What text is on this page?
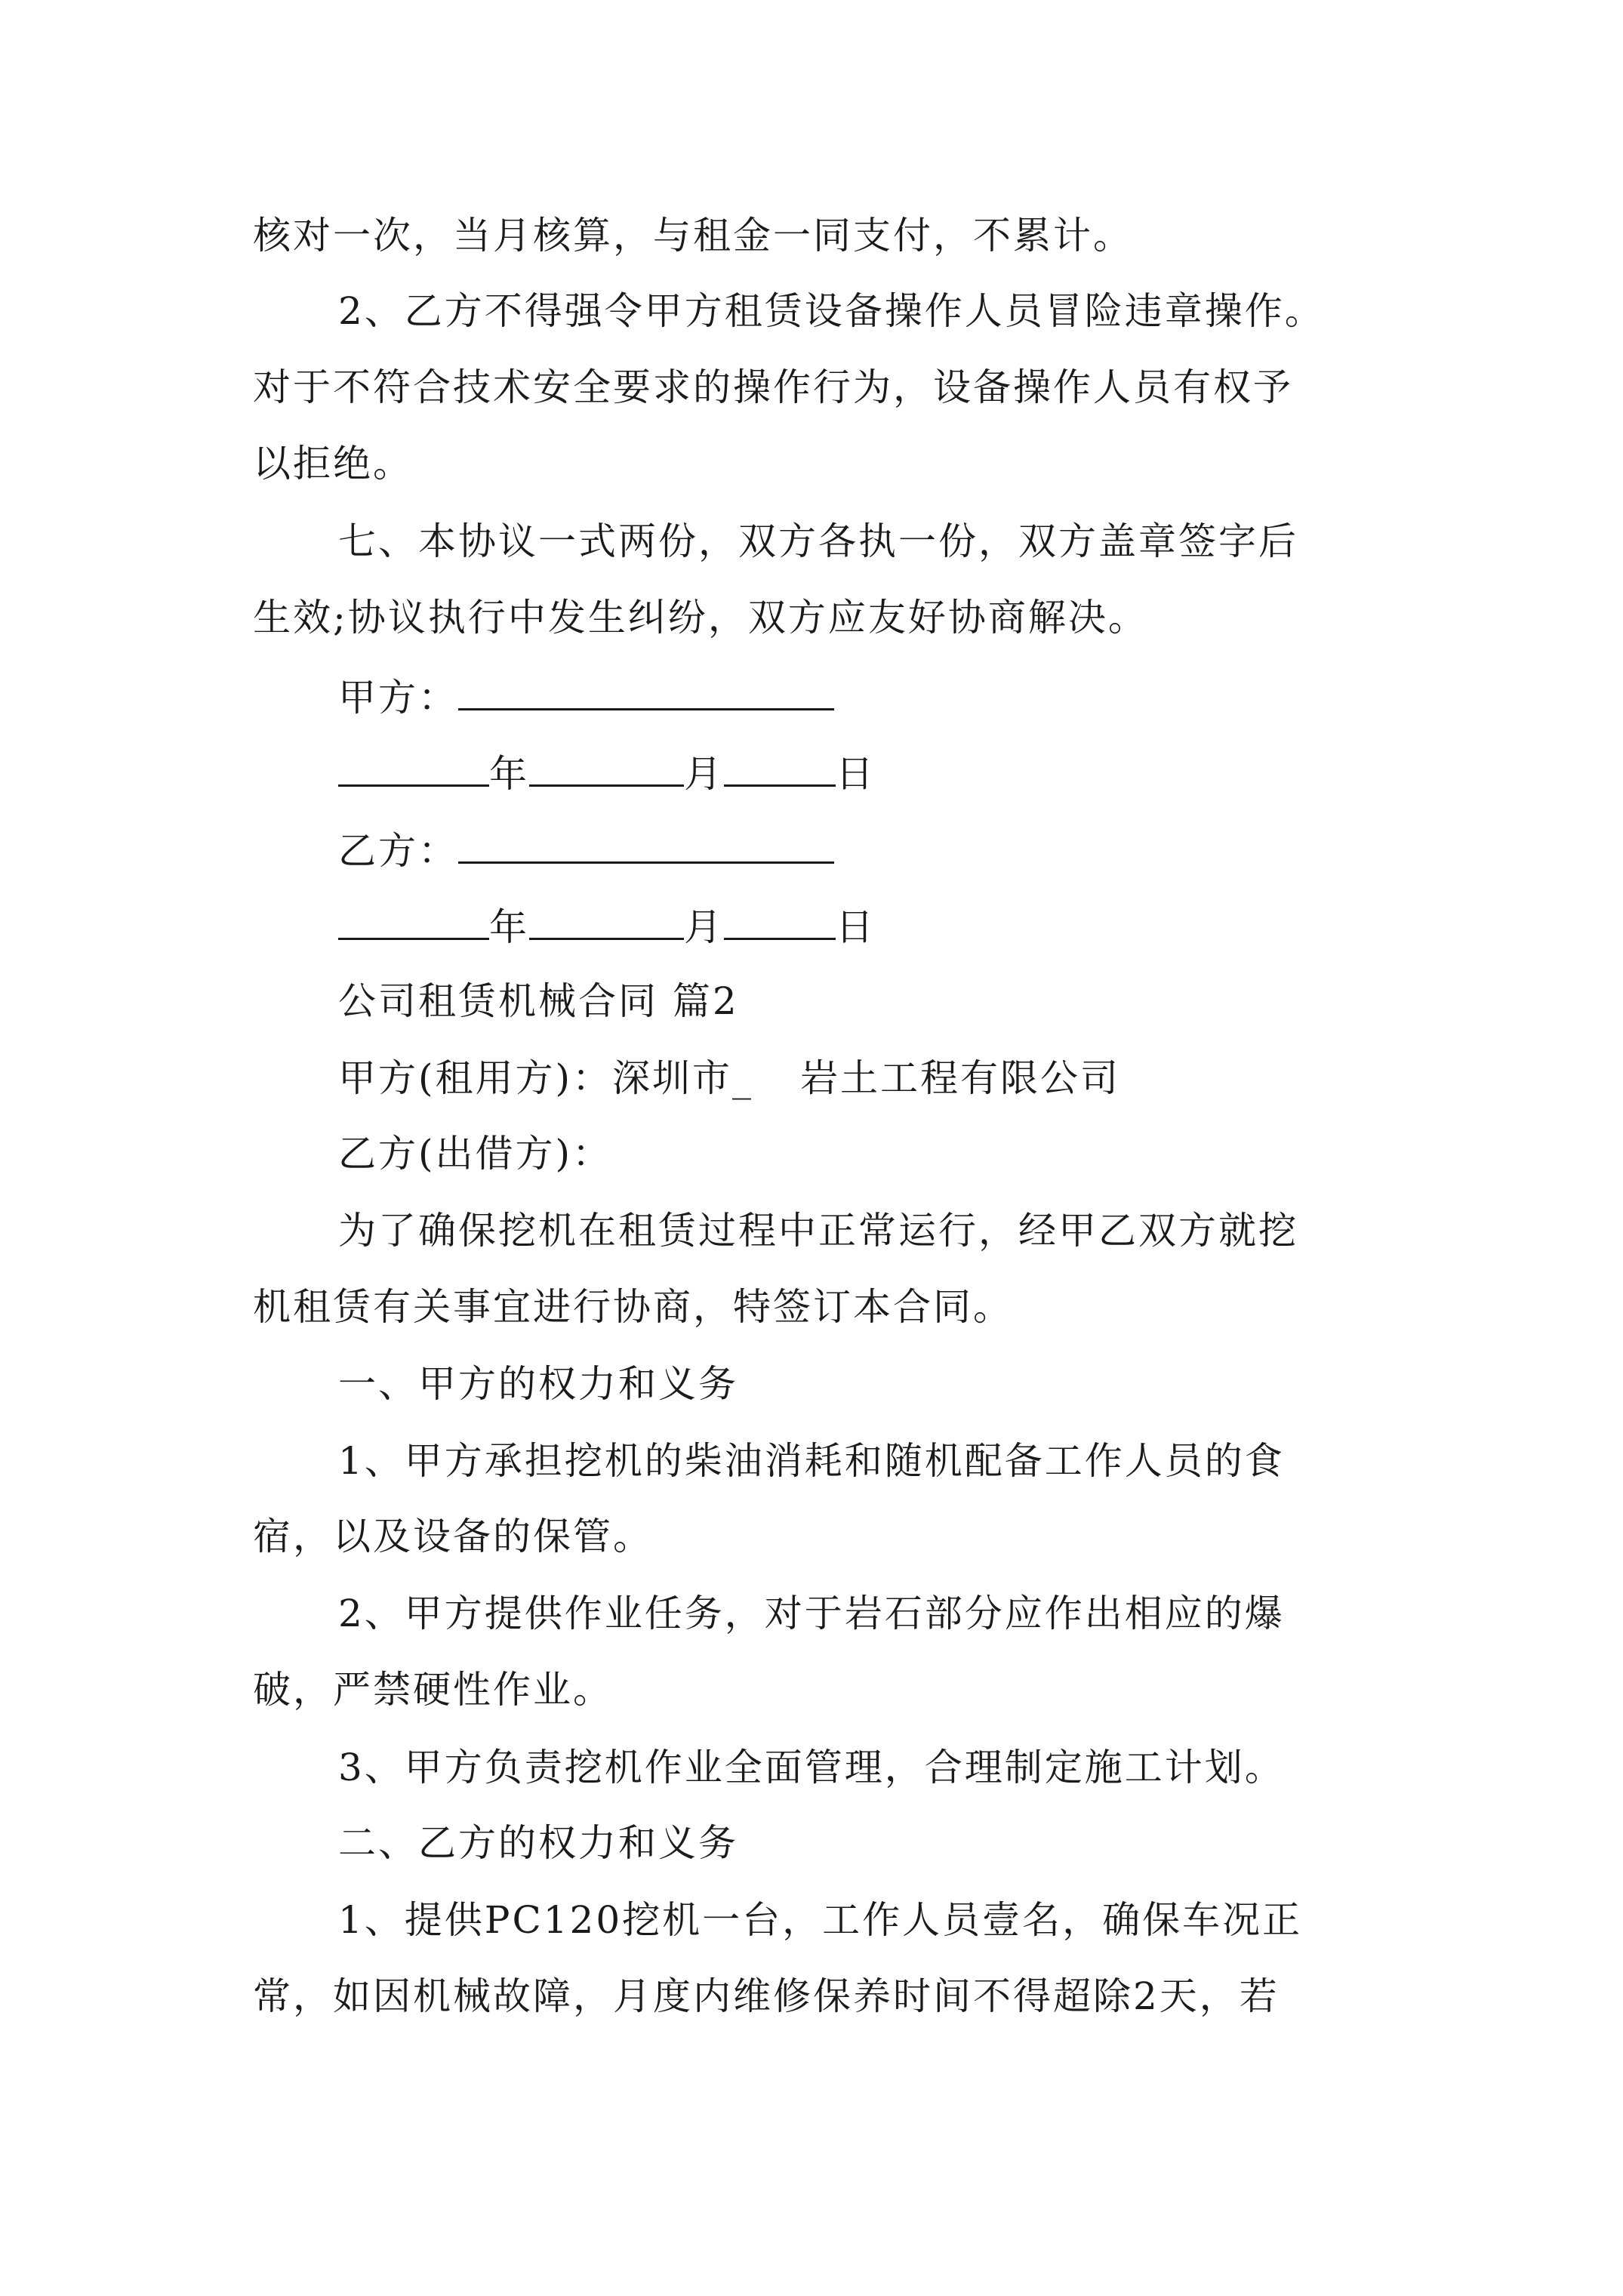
核对一次，当月核算，与租金一同支付，不累计。
2、乙方不得强令甲方租赁设备操作人员冒险违章操作。
对于不符合技术安全要求的操作行为，设备操作人员有权予
以拒绝。
七、本协议一式两份，双方各执一份，双方盖章签字后
生效;协议执行中发生纠纷，双方应友好协商解决。
甲方：
年	月	日
乙方：
年	月	日
公司租赁机械合同 篇2
甲方(租用方)：深圳市_ 岩土工程有限公司
乙方(出借方)：
为了确保挖机在租赁过程中正常运行，经甲乙双方就挖
机租赁有关事宜进行协商，特签订本合同。
一、甲方的权力和义务
1、甲方承担挖机的柴油消耗和随机配备工作人员的食
宿，以及设备的保管。
2、甲方提供作业任务，对于岩石部分应作出相应的爆
破，严禁硬性作业。
3、甲方负责挖机作业全面管理，合理制定施工计划。
二、乙方的权力和义务
1、提供PC120挖机一台，工作人员壹名，确保车况正
常，如因机械故障，月度内维修保养时间不得超除2天，若
